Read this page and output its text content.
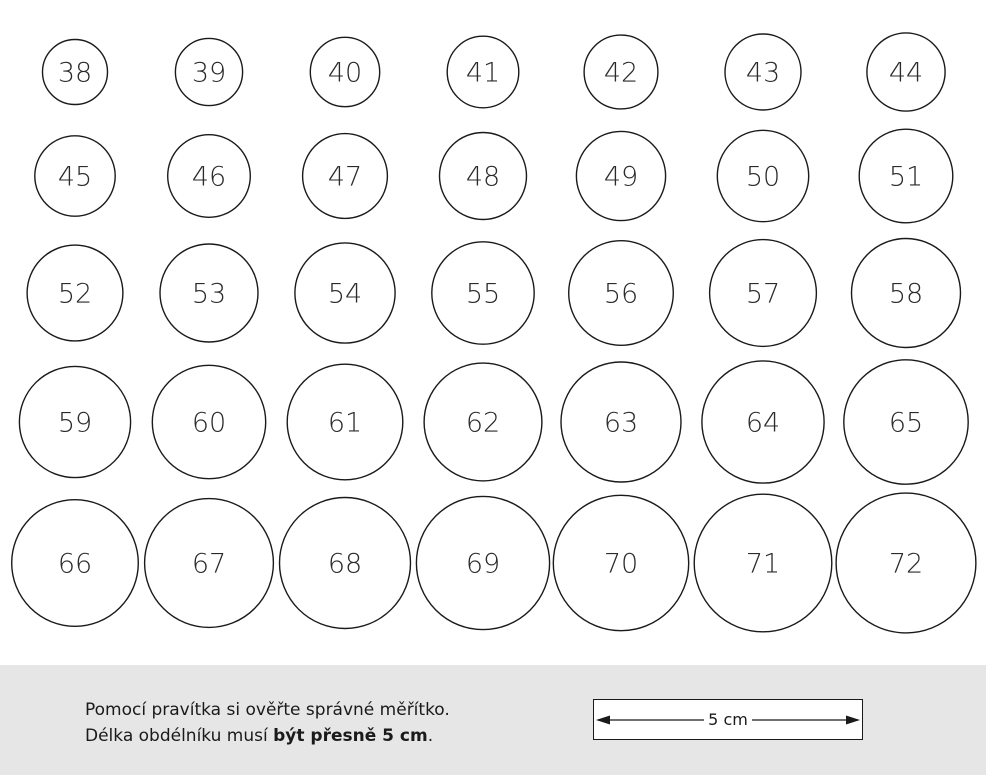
38	39	40	41	42	43	44
45	46	47	48	49	50	51
52	53	54	55	56	57	58
59	60	61	62	63	64	65
66	67	68	69	70	71	72
Pomocí pravítka si ověřte správné měřítko.
Délka obdélníku musí být přesně 5 cm.
5 cm
